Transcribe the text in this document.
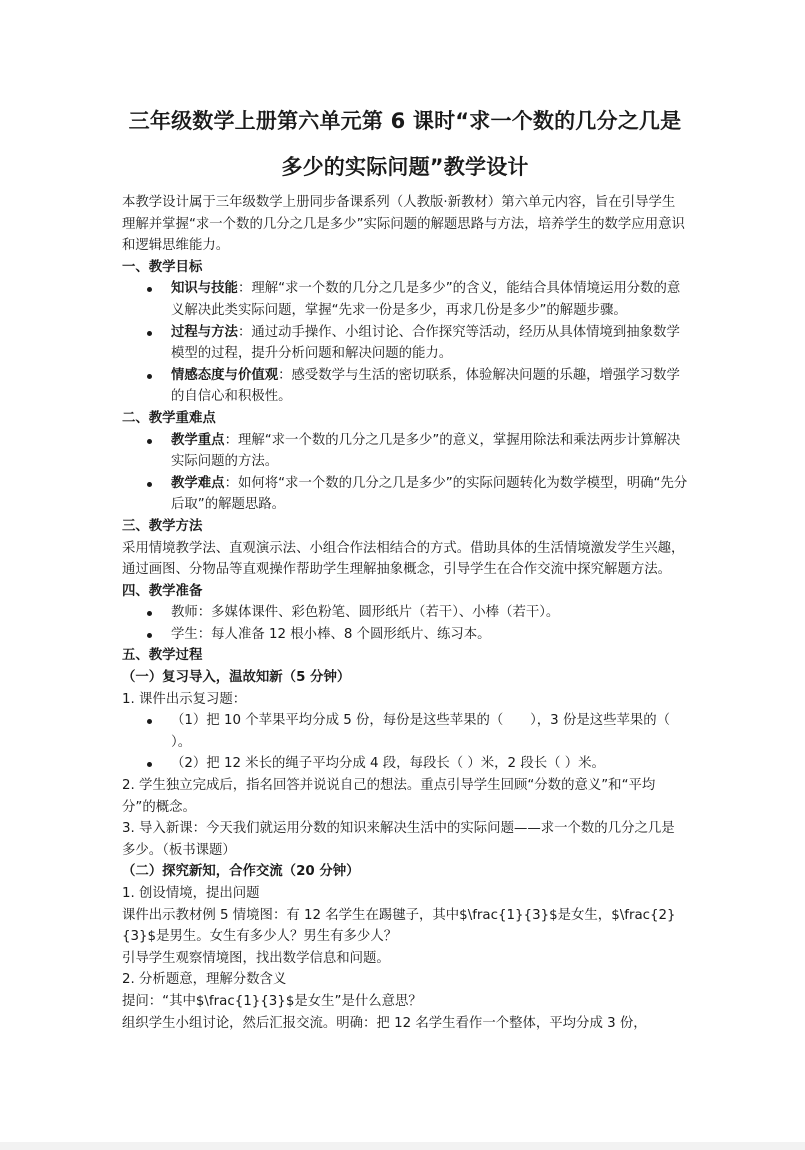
三年级数学上册第六单元第 6 课时“求一个数的几分之几是
多少的实际问题”教学设计

本教学设计属于三年级数学上册同步备课系列（人教版·新教材）第六单元内容，旨在引导学生理解并掌握“求一个数的几分之几是多少”实际问题的解题思路与方法，培养学生的数学应用意识和逻辑思维能力。

一、教学目标

知识与技能：理解“求一个数的几分之几是多少”的含义，能结合具体情境运用分数的意义解决此类实际问题，掌握“先求一份是多少，再求几份是多少”的解题步骤。
过程与方法：通过动手操作、小组讨论、合作探究等活动，经历从具体情境到抽象数学模型的过程，提升分析问题和解决问题的能力。
情感态度与价值观：感受数学与生活的密切联系，体验解决问题的乐趣，增强学习数学的自信心和积极性。

二、教学重难点

教学重点：理解“求一个数的几分之几是多少”的意义，掌握用除法和乘法两步计算解决实际问题的方法。
教学难点：如何将“求一个数的几分之几是多少”的实际问题转化为数学模型，明确“先分后取”的解题思路。

三、教学方法

采用情境教学法、直观演示法、小组合作法相结合的方式。借助具体的生活情境激发学生兴趣，通过画图、分物品等直观操作帮助学生理解抽象概念，引导学生在合作交流中探究解题方法。

四、教学准备

教师：多媒体课件、彩色粉笔、圆形纸片（若干）、小棒（若干）。
学生：每人准备 12 根小棒、8 个圆形纸片、练习本。

五、教学过程

（一）复习导入，温故知新（5 分钟）

1. 课件出示复习题：

（1）把 10 个苹果平均分成 5 份，每份是这些苹果的（　　），3 份是这些苹果的（ ）。
（2）把 12 米长的绳子平均分成 4 段，每段长（ ）米，2 段长（ ）米。

2. 学生独立完成后，指名回答并说说自己的想法。重点引导学生回顾“分数的意义”和“平均分”的概念。

3. 导入新课：今天我们就运用分数的知识来解决生活中的实际问题——求一个数的几分之几是多少。（板书课题）

（二）探究新知，合作交流（20 分钟）

1. 创设情境，提出问题

课件出示教材例 5 情境图：有 12 名学生在踢毽子，其中$\frac{1}{3}$是女生，$\frac{2}{3}$是男生。女生有多少人？男生有多少人？

引导学生观察情境图，找出数学信息和问题。

2. 分析题意，理解分数含义

提问：“其中$\frac{1}{3}$是女生”是什么意思？

组织学生小组讨论，然后汇报交流。明确：把 12 名学生看作一个整体，平均分成 3 份，
